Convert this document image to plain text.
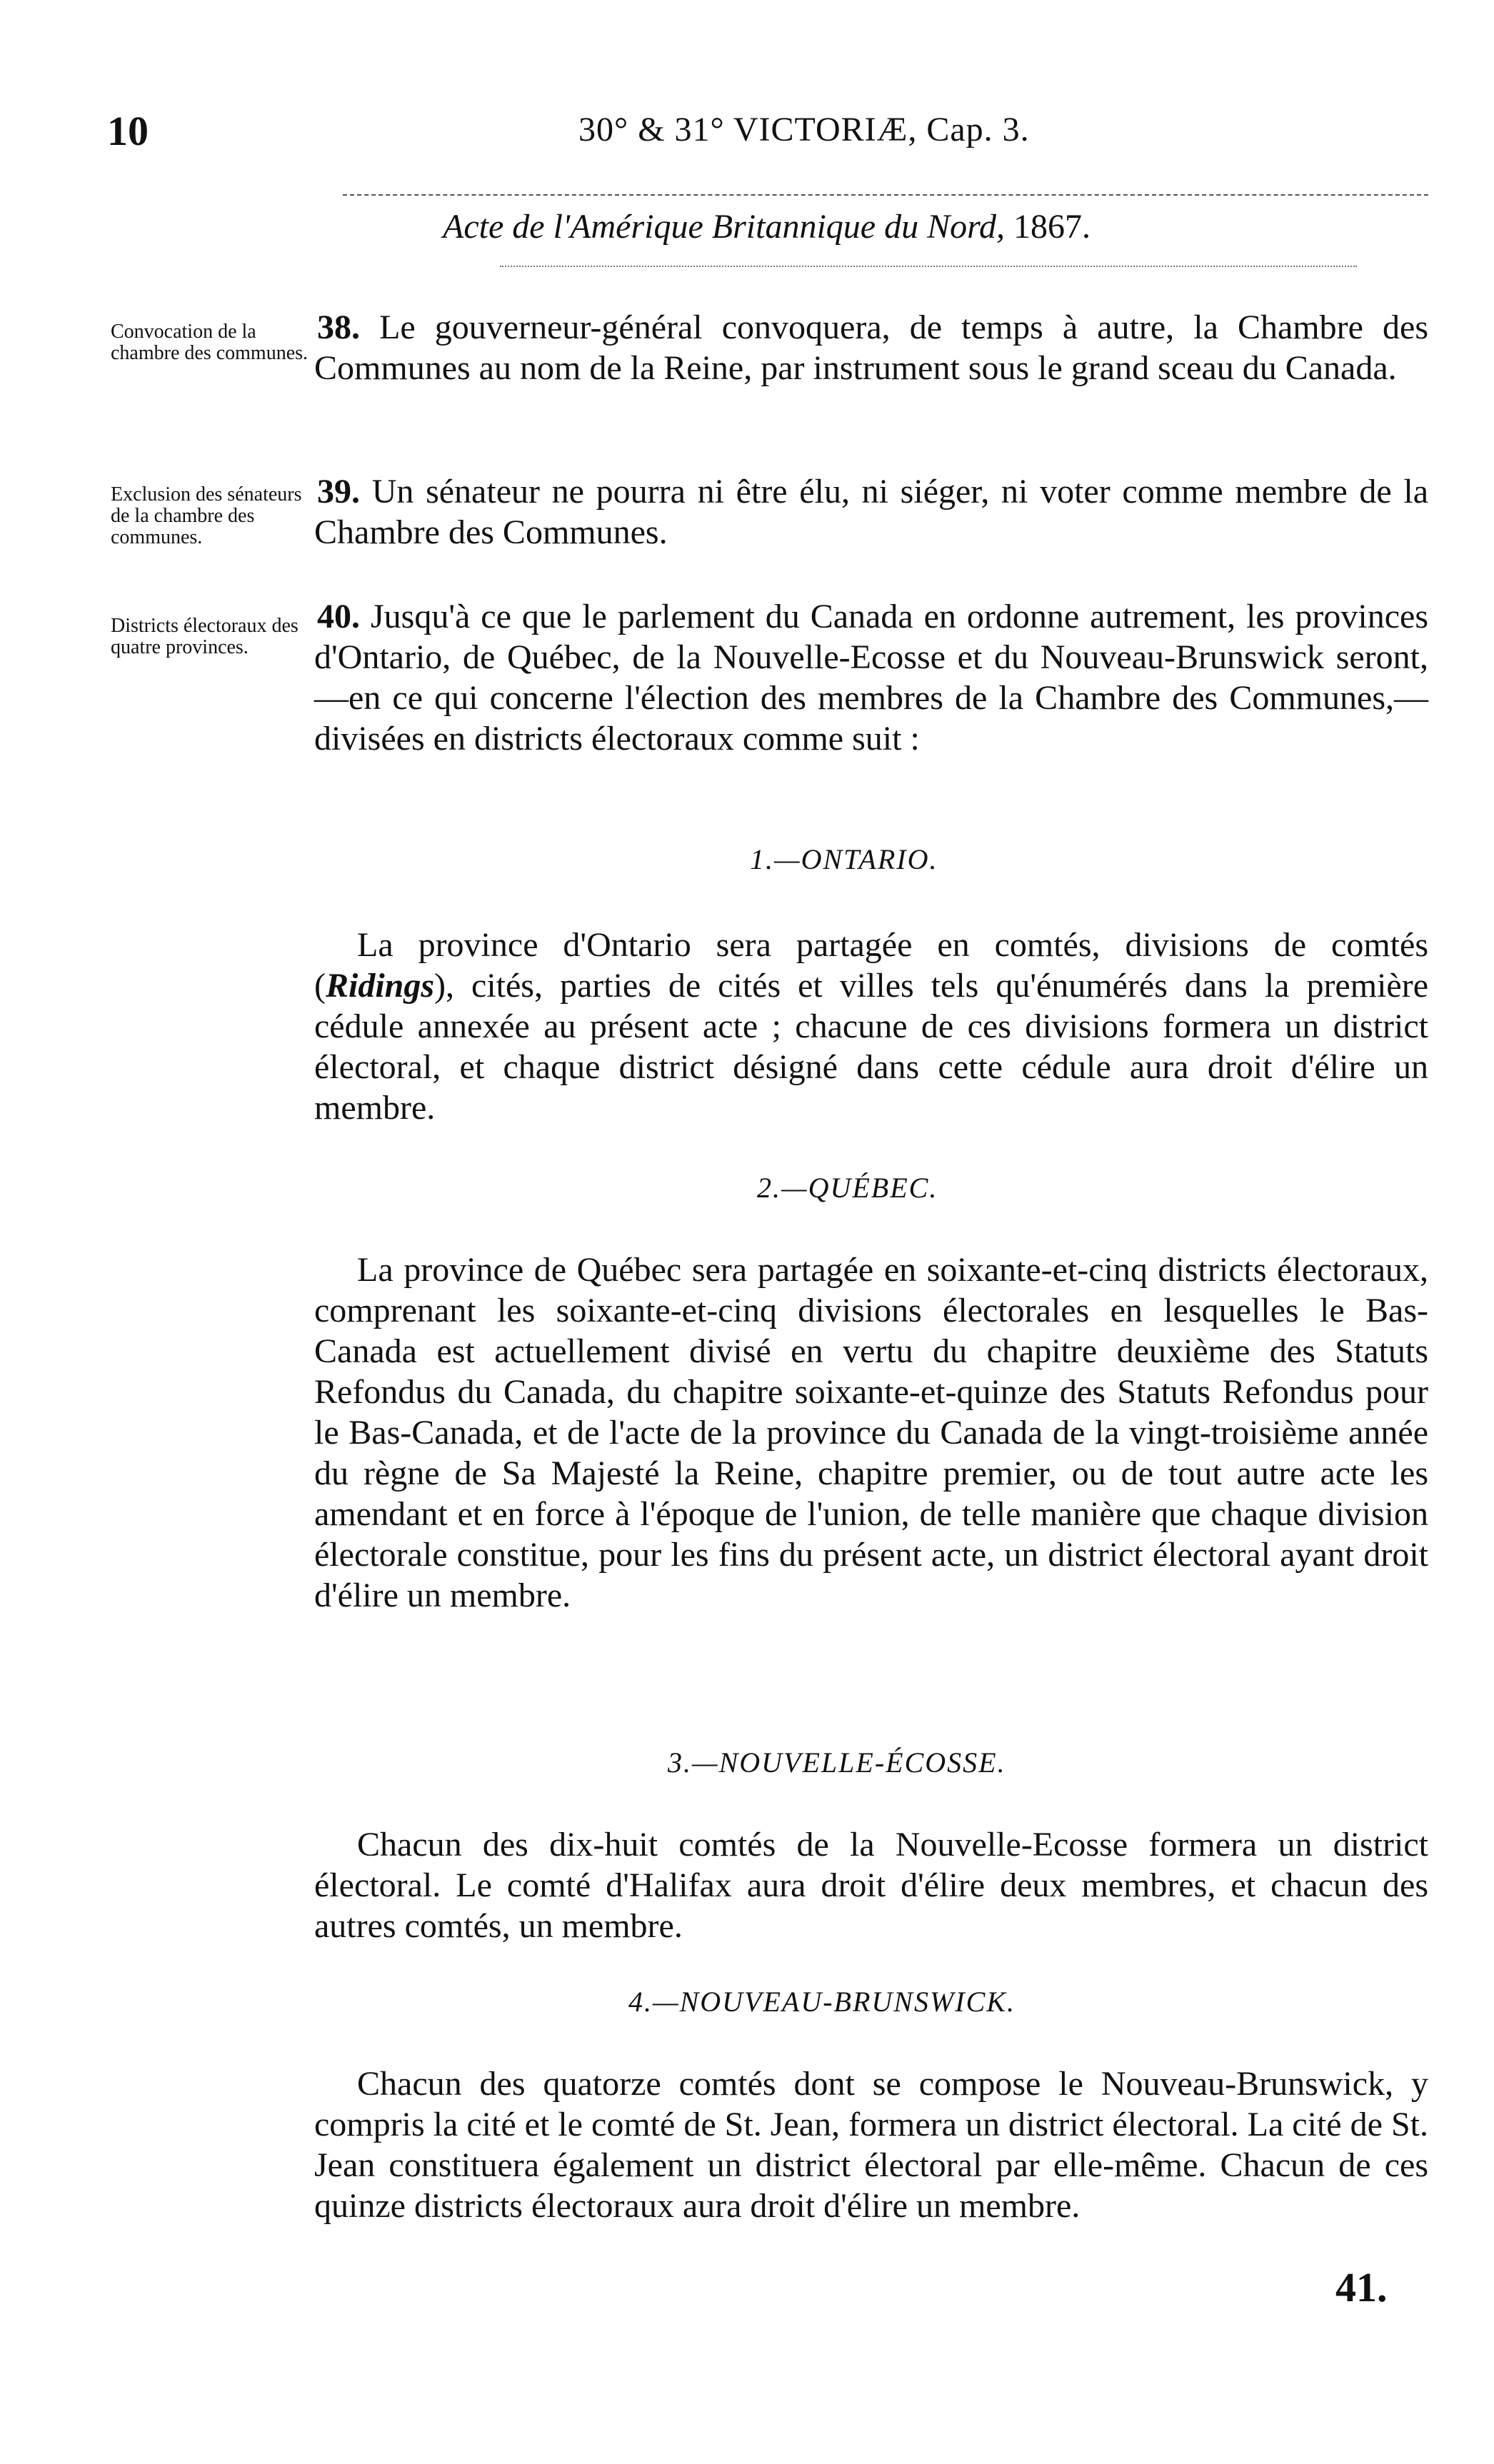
10	30° & 31° VICTORIÆ, Cap. 3.
Acte de l'Amérique Britannique du Nord, 1867.
Convocation de la chambre des communes.
Exclusion des sénateurs de la chambre des communes.
Districts électoraux des quatre provinces.
38. Le gouverneur-général convoquera, de temps à autre, la Chambre des Communes au nom de la Reine, par instrument sous le grand sceau du Canada.
39. Un sénateur ne pourra ni être élu, ni siéger, ni voter comme membre de la Chambre des Communes.
40. Jusqu'à ce que le parlement du Canada en ordonne autrement, les provinces d'Ontario, de Québec, de la Nouvelle-Ecosse et du Nouveau-Brunswick seront,—en ce qui concerne l'élection des membres de la Chambre des Communes,—divisées en districts électoraux comme suit :
1.—ONTARIO.
La province d'Ontario sera partagée en comtés, divisions de comtés (Ridings), cités, parties de cités et villes tels qu'énumérés dans la première cédule annexée au présent acte ; chacune de ces divisions formera un district électoral, et chaque district désigné dans cette cédule aura droit d'élire un membre.
2.—QUÉBEC.
La province de Québec sera partagée en soixante-et-cinq districts électoraux, comprenant les soixante-et-cinq divisions électorales en lesquelles le Bas-Canada est actuellement divisé en vertu du chapitre deuxième des Statuts Refondus du Canada, du chapitre soixante-et-quinze des Statuts Refondus pour le Bas-Canada, et de l'acte de la province du Canada de la vingt-troisième année du règne de Sa Majesté la Reine, chapitre premier, ou de tout autre acte les amendant et en force à l'époque de l'union, de telle manière que chaque division électorale constitue, pour les fins du présent acte, un district électoral ayant droit d'élire un membre.
3.—NOUVELLE-ÉCOSSE.
Chacun des dix-huit comtés de la Nouvelle-Ecosse formera un district électoral. Le comté d'Halifax aura droit d'élire deux membres, et chacun des autres comtés, un membre.
4.—NOUVEAU-BRUNSWICK.
Chacun des quatorze comtés dont se compose le Nouveau-Brunswick, y compris la cité et le comté de St. Jean, formera un district électoral. La cité de St. Jean constituera également un district électoral par elle-même. Chacun de ces quinze districts électoraux aura droit d'élire un membre.
41.
